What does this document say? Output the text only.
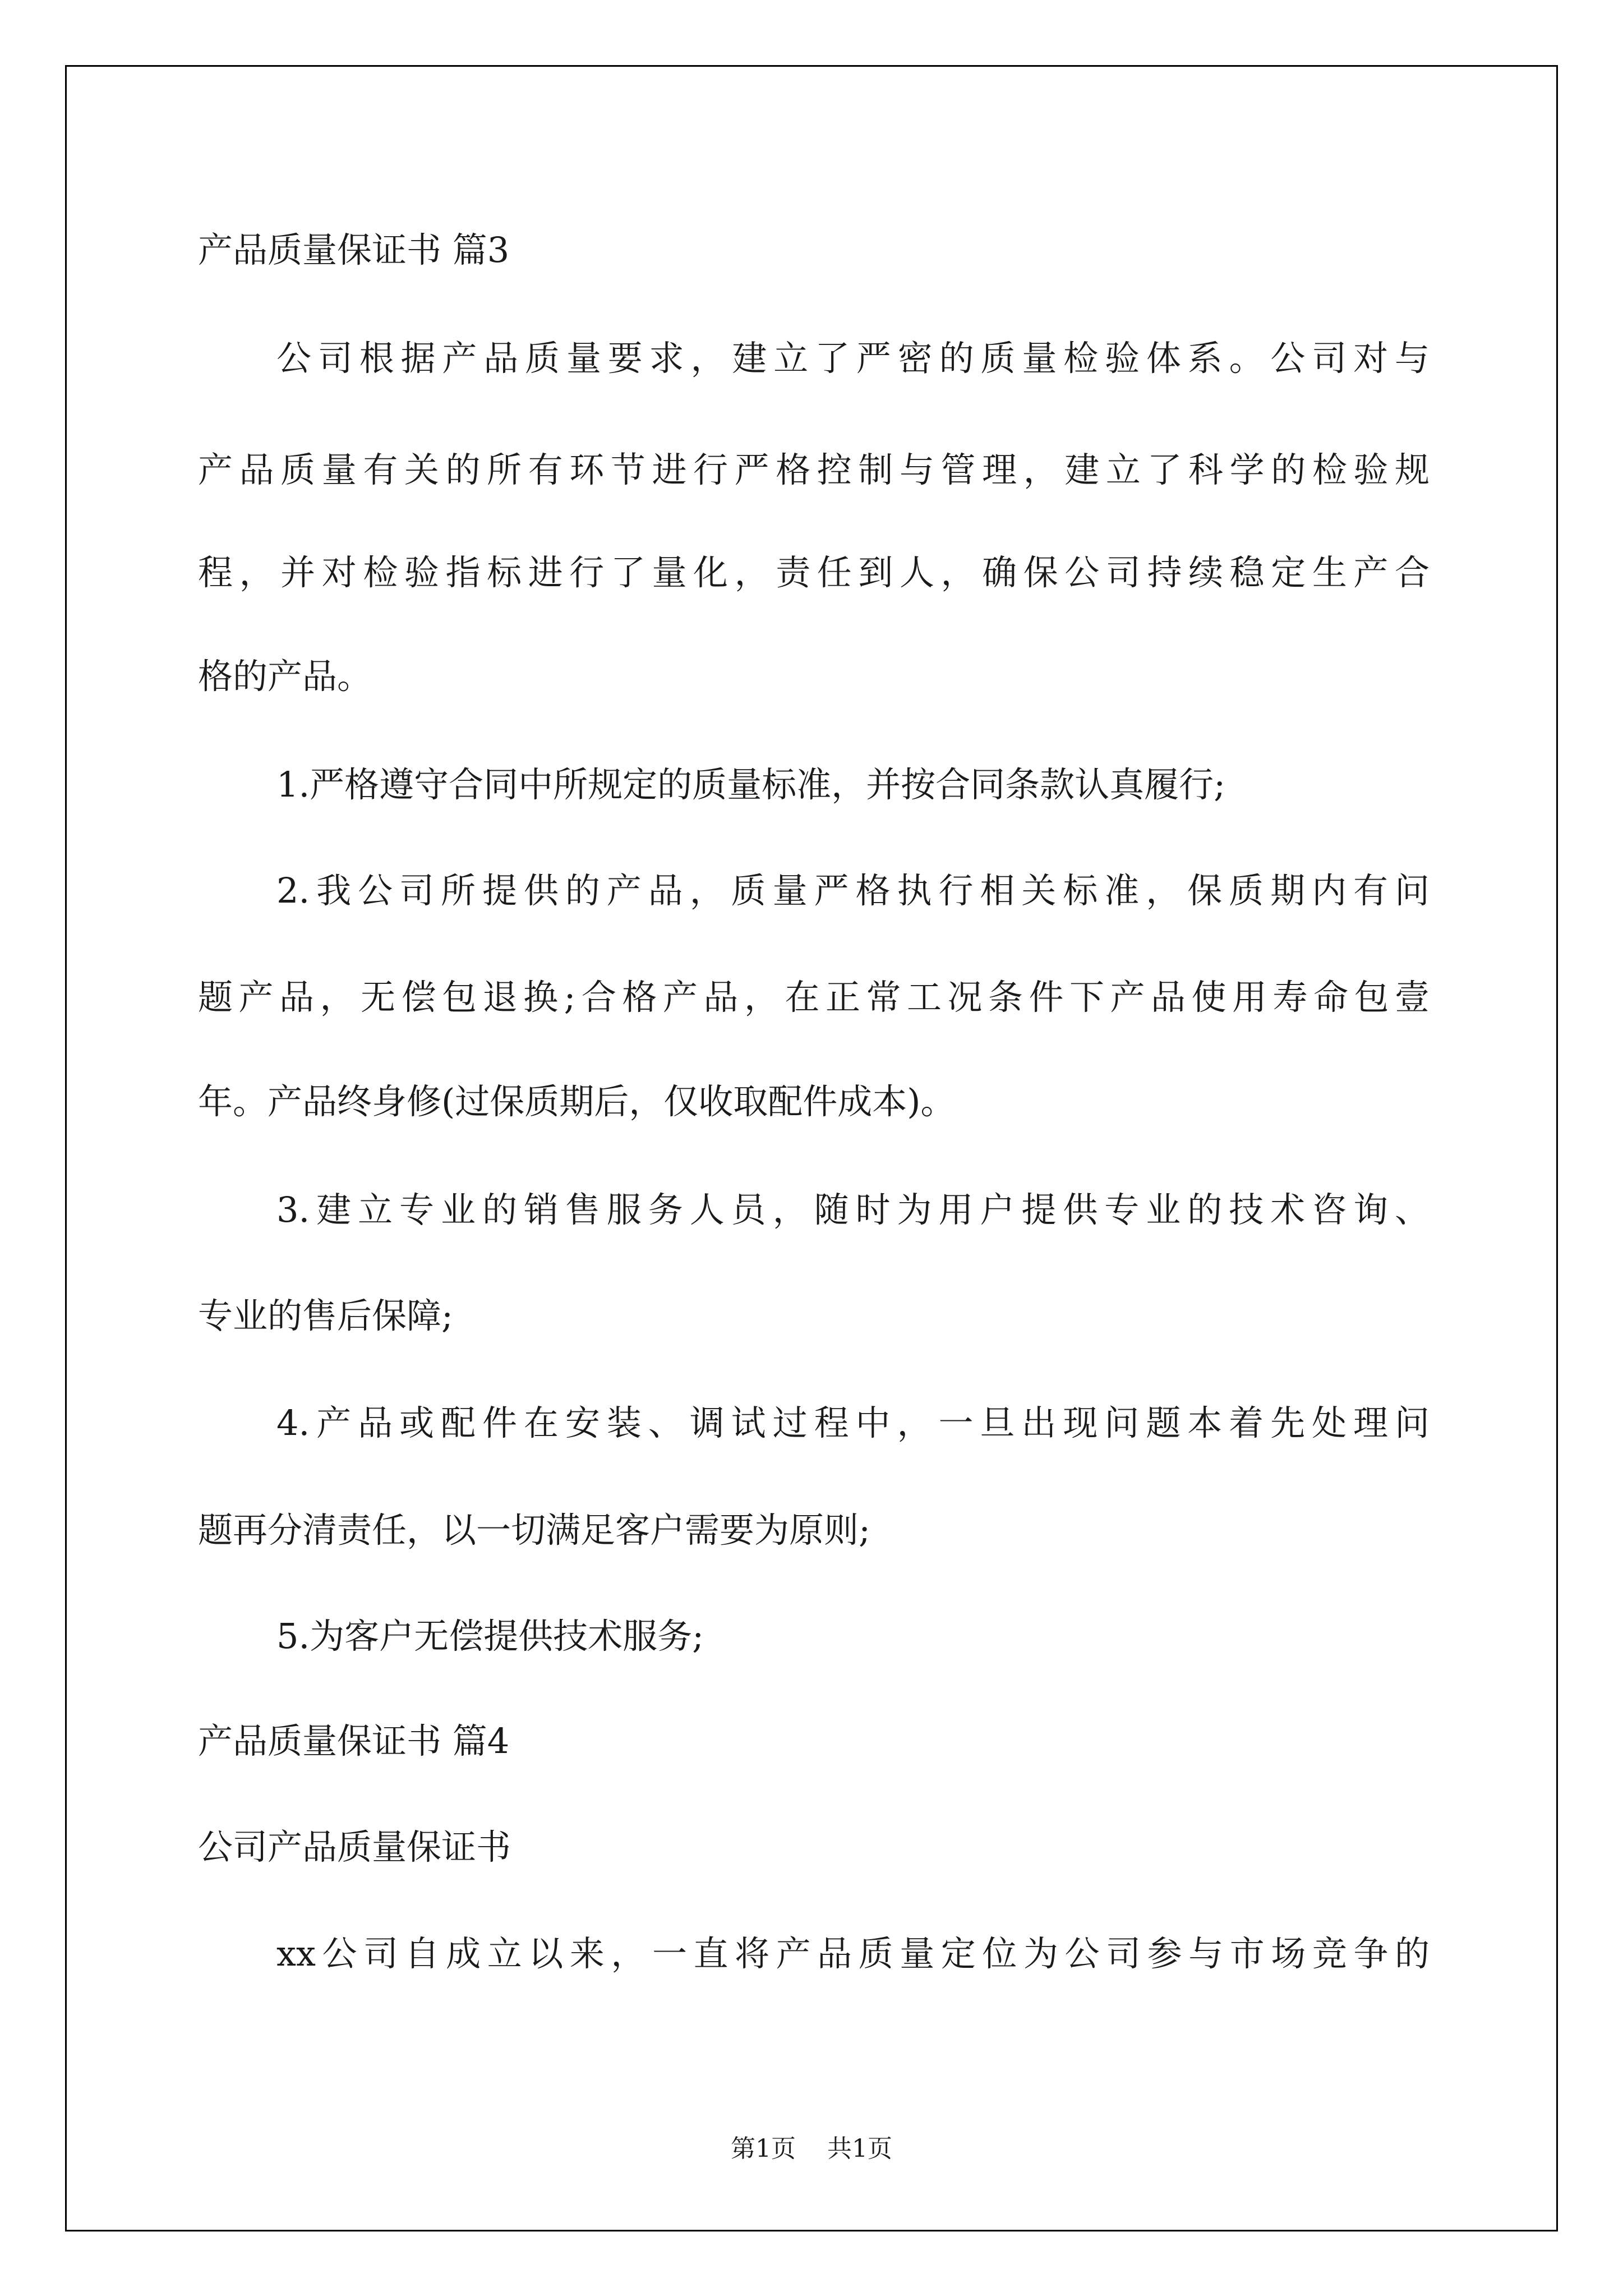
产品质量保证书 篇3

公司根据产品质量要求，建立了严密的质量检验体系。公司对与

产品质量有关的所有环节进行严格控制与管理，建立了科学的检验规

程，并对检验指标进行了量化，责任到人，确保公司持续稳定生产合

格的产品。

1.严格遵守合同中所规定的质量标准，并按合同条款认真履行;

2.我公司所提供的产品，质量严格执行相关标准，保质期内有问

题产品，无偿包退换;合格产品，在正常工况条件下产品使用寿命包壹

年。产品终身修(过保质期后，仅收取配件成本)。

3.建立专业的销售服务人员，随时为用户提供专业的技术咨询、

专业的售后保障;

4.产品或配件在安装、调试过程中，一旦出现问题本着先处理问

题再分清责任，以一切满足客户需要为原则;

5.为客户无偿提供技术服务;

产品质量保证书 篇4

公司产品质量保证书

xx公司自成立以来，一直将产品质量定位为公司参与市场竞争的

第1页 共1页
